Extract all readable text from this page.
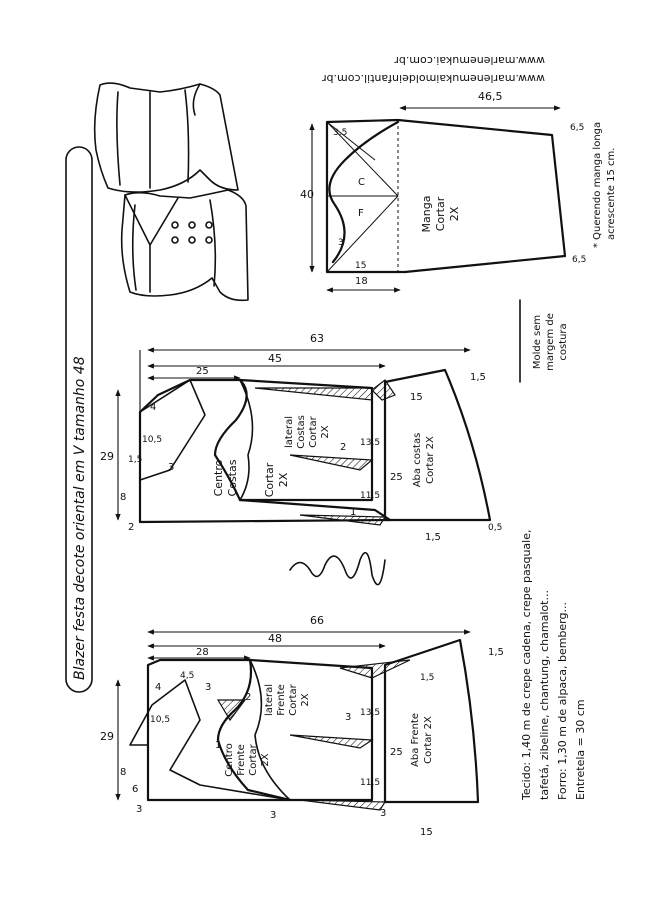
Blazer festa decote oriental em V tamanho 48
www.marlenemukaimoldeinfantil.com.br
www.marlenemukai.com.br
46,5
40
18
3,5
15
3
6,5
6,5
C
F	Manga Cortar 2X	* Querendo manga longa acrescente 15 cm.
63
45
25
29
4
10,5
3
1,5
8
2
13,5
11,5
25
15
1,5
1,5
0,5
1
2
Centro Costas Cortar 2X
lateral Costas Cortar 2X
Aba costas Cortar 2X
Molde sem margem de costura
66
48
28
29
4
4,5
3
10,5
8
6
3
2
13,5
11,5
25
15
1,5
3
3
1
1,5
3
Centro Frente Cortar 2X
lateral Frente Cortar 2X
Aba Frente Cortar 2X	Tecido: 1,40 m de crepe cadena, crepe pasquale, tafetá, zibeline, chantung, chamalot... Forro: 1,30 m de alpaca, bemberg... Entretela = 30 cm
